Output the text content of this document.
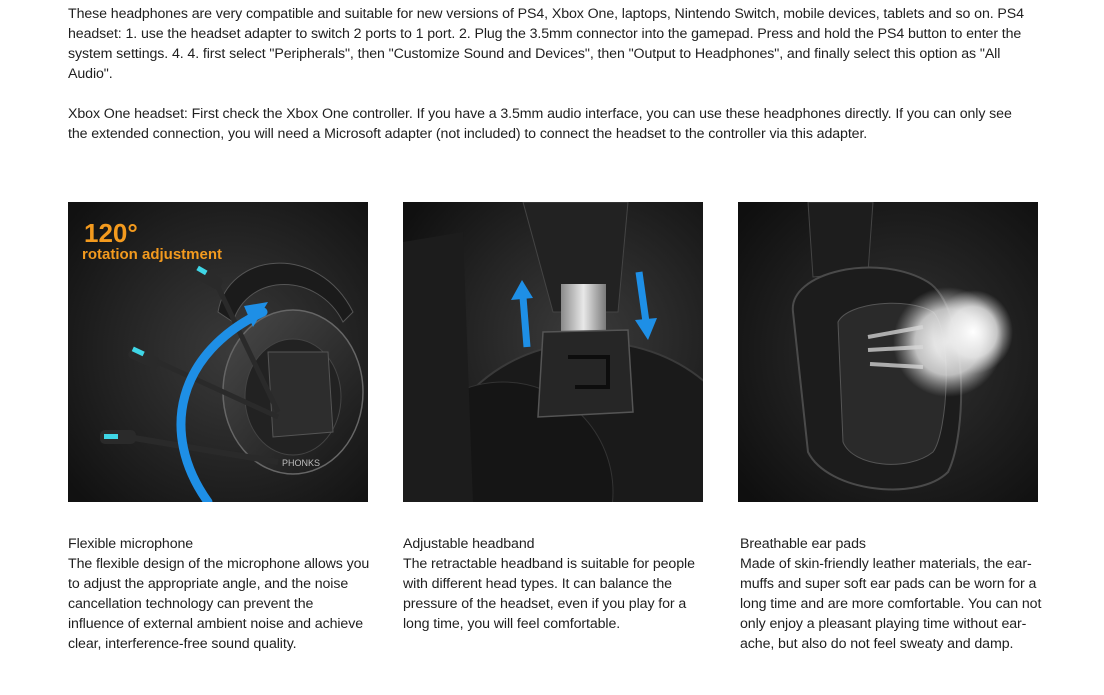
These headphones are very compatible and suitable for new versions of PS4, Xbox One, laptops, Nintendo Switch, mobile devices, tablets and so on. PS4 headset: 1. use the headset adapter to switch 2 ports to 1 port. 2. Plug the 3.5mm connector into the gamepad. Press and hold the PS4 button to enter the system settings. 4. 4. first select "Peripherals", then "Customize Sound and Devices", then "Output to Headphones", and finally select this option as "All Audio".

Xbox One headset: First check the Xbox One controller. If you have a 3.5mm audio interface, you can use these headphones directly. If you can only see the extended connection, you will need a Microsoft adapter (not included) to connect the headset to the controller via this adapter.

PHONKS
120°
rotation adjustment
Flexible microphone
The flexible design of the microphone allows you to adjust the appropriate angle, and the noise cancellation technology can prevent the influence of external ambient noise and achieve clear, interference-free sound quality.
Adjustable headband
The retractable headband is suitable for people with different head types. It can balance the pressure of the headset, even if you play for a long time, you will feel comfortable.
Breathable ear pads
Made of skin-friendly leather materials, the ear-muffs and super soft ear pads can be worn for a long time and are more comfortable. You can not only enjoy a pleasant playing time without ear-ache, but also do not feel sweaty and damp.
